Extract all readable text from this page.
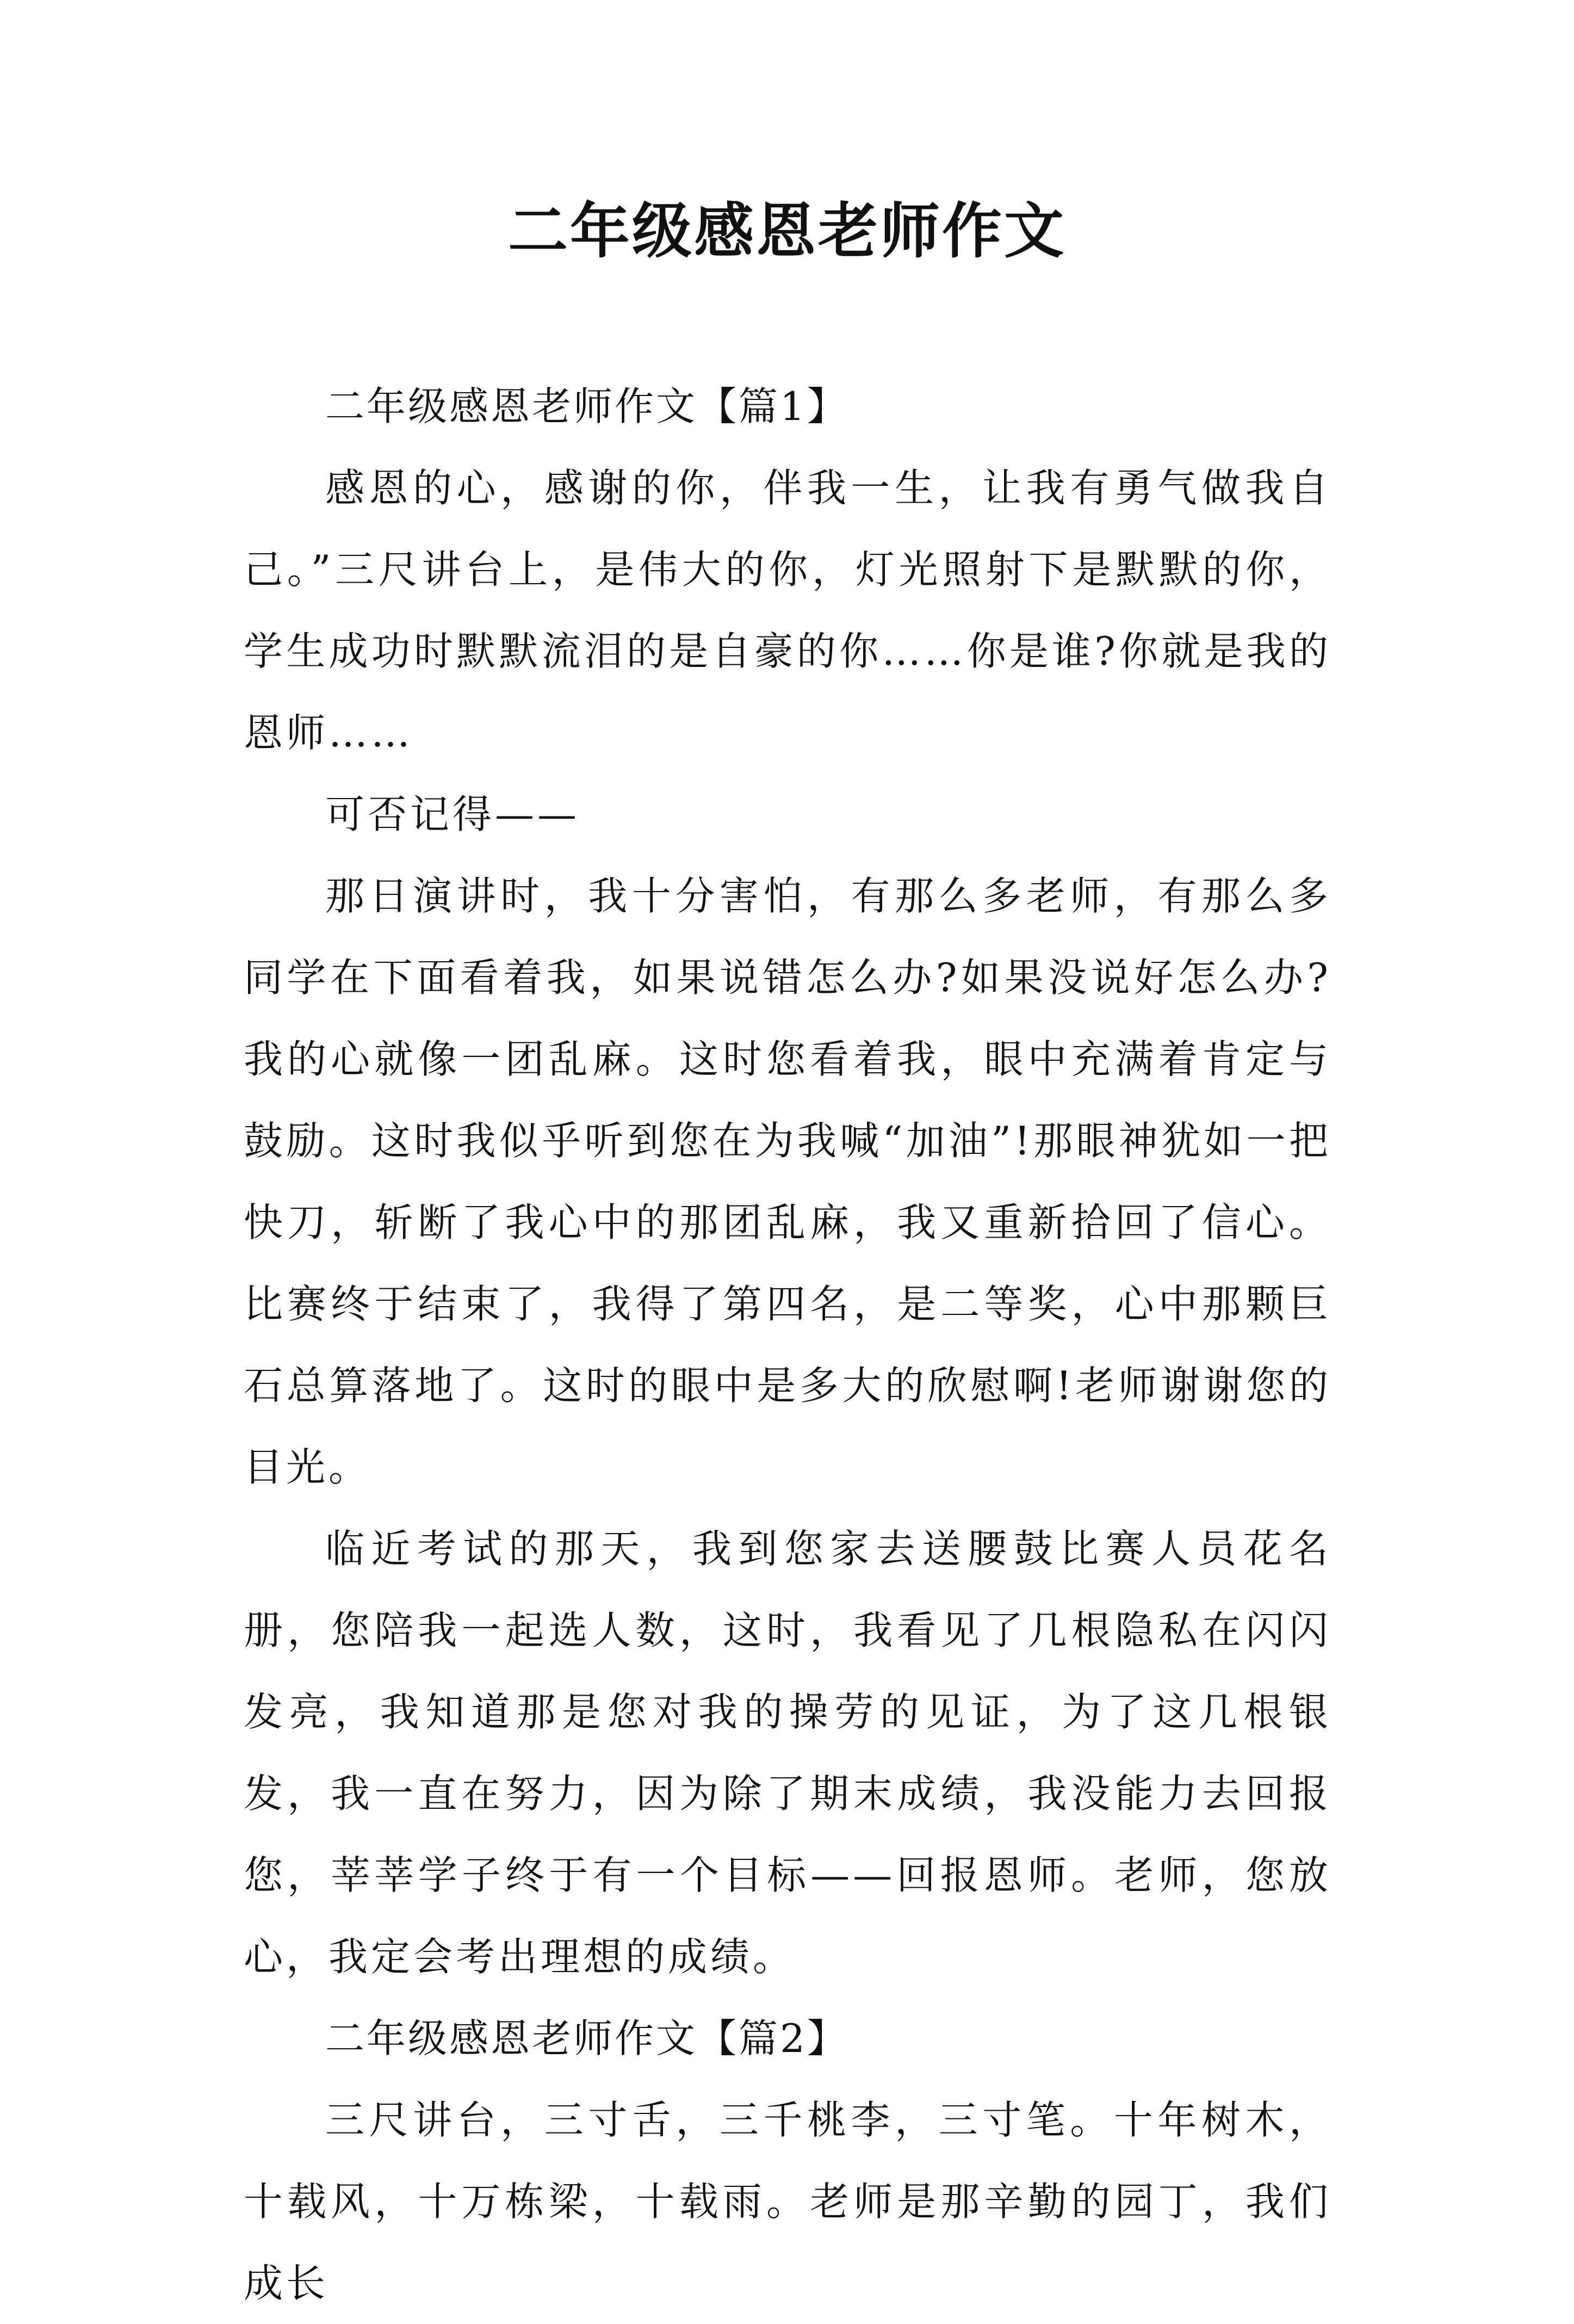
二年级感恩老师作文

二年级感恩老师作文【篇1】

感恩的心，感谢的你，伴我一生，让我有勇气做我自己。”三尺讲台上，是伟大的你，灯光照射下是默默的你，学生成功时默默流泪的是自豪的你……你是谁?你就是我的恩师……

可否记得——

那日演讲时，我十分害怕，有那么多老师，有那么多同学在下面看着我，如果说错怎么办?如果没说好怎么办?我的心就像一团乱麻。这时您看着我，眼中充满着肯定与鼓励。这时我似乎听到您在为我喊“加油”!那眼神犹如一把快刀，斩断了我心中的那团乱麻，我又重新拾回了信心。比赛终于结束了，我得了第四名，是二等奖，心中那颗巨石总算落地了。这时的眼中是多大的欣慰啊!老师谢谢您的目光。

临近考试的那天，我到您家去送腰鼓比赛人员花名册，您陪我一起选人数，这时，我看见了几根隐私在闪闪发亮，我知道那是您对我的操劳的见证，为了这几根银发，我一直在努力，因为除了期末成绩，我没能力去回报您，莘莘学子终于有一个目标——回报恩师。老师，您放心，我定会考出理想的成绩。

二年级感恩老师作文【篇2】

三尺讲台，三寸舌，三千桃李，三寸笔。十年树木，十载风，十万栋梁，十载雨。老师是那辛勤的园丁，我们成长
